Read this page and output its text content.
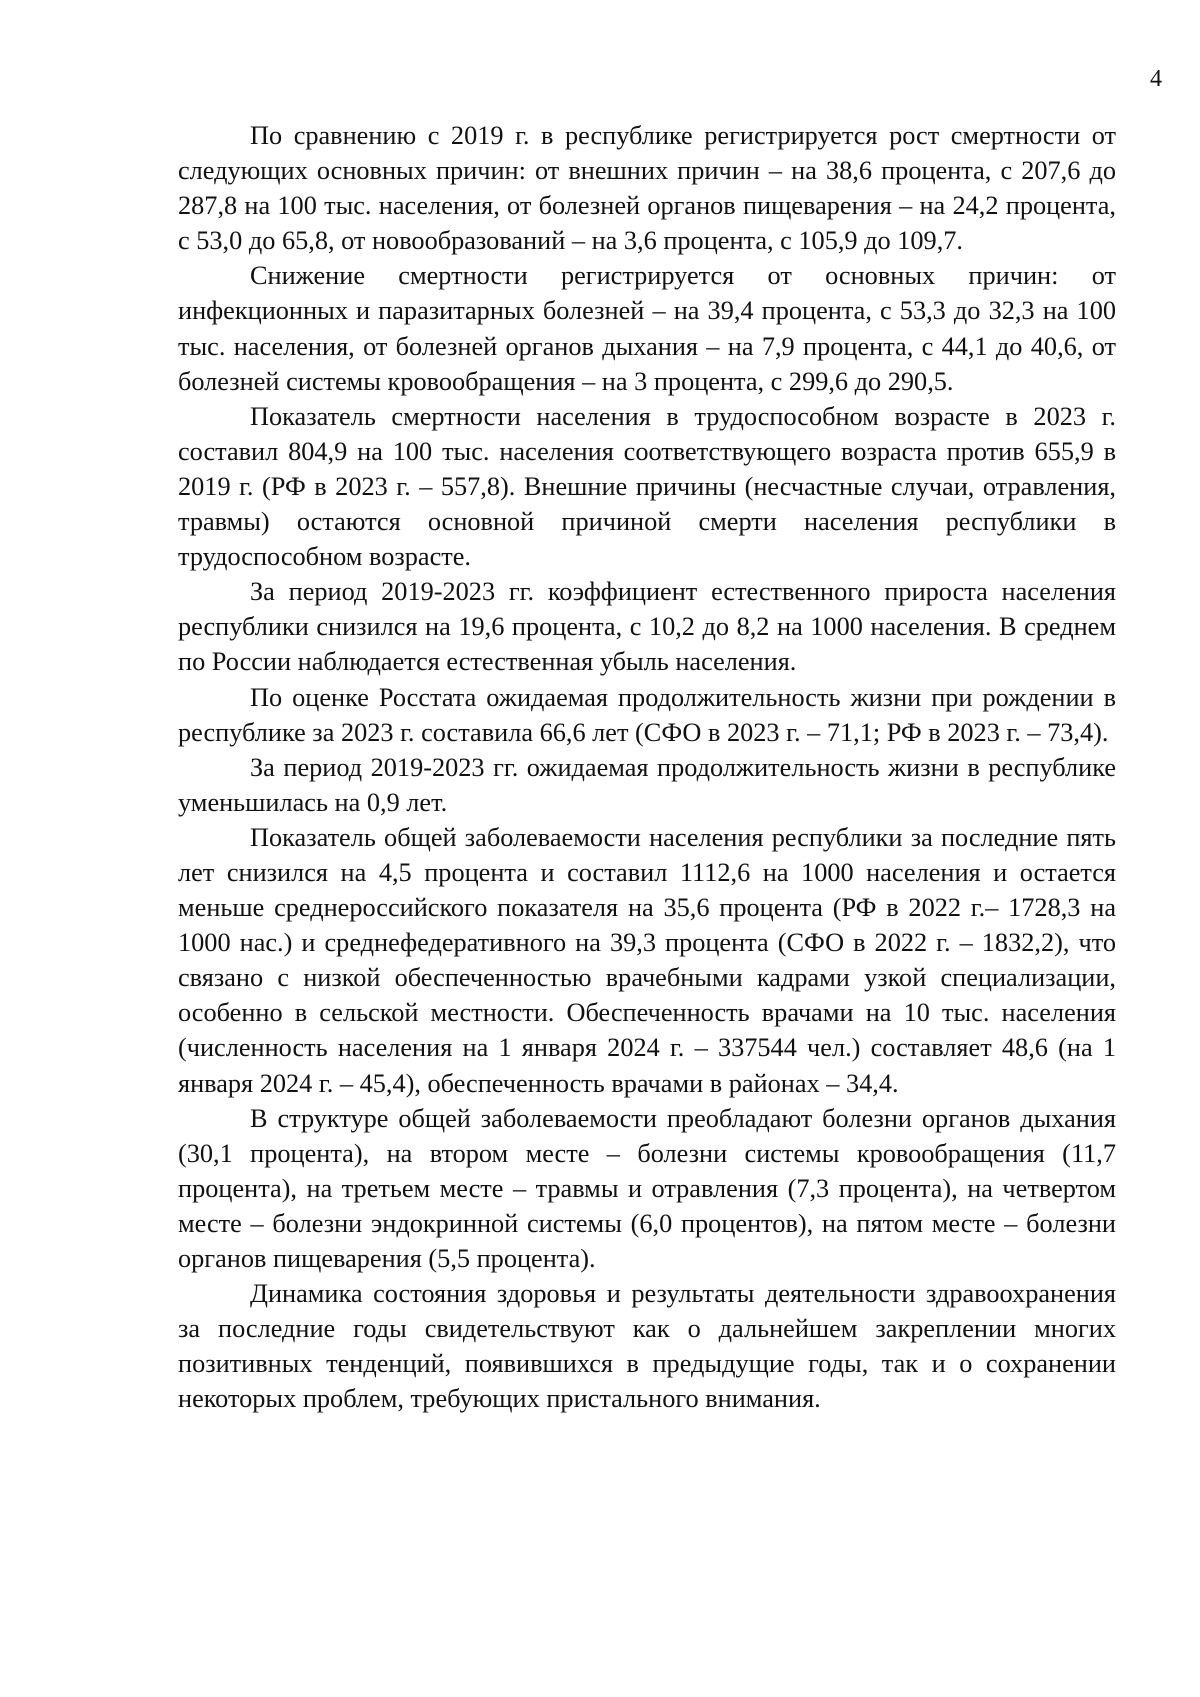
4

По сравнению с 2019 г. в республике регистрируется рост смертности от следующих основных причин: от внешних причин – на 38,6 процента, с 207,6 до 287,8 на 100 тыс. населения, от болезней органов пищеварения – на 24,2 процента, с 53,0 до 65,8, от новообразований – на 3,6 процента, с 105,9 до 109,7.

Снижение смертности регистрируется от основных причин: от инфекционных и паразитарных болезней – на 39,4 процента, с 53,3 до 32,3 на 100 тыс. населения, от болезней органов дыхания – на 7,9 процента, с 44,1 до 40,6, от болезней системы кровообращения – на 3 процента, с 299,6 до 290,5.

Показатель смертности населения в трудоспособном возрасте в 2023 г. составил 804,9 на 100 тыс. населения соответствующего возраста против 655,9 в 2019 г. (РФ в 2023 г. – 557,8). Внешние причины (несчастные случаи, отравления, травмы) остаются основной причиной смерти населения республики в трудоспособном возрасте.

За период 2019-2023 гг. коэффициент естественного прироста населения республики снизился на 19,6 процента, с 10,2 до 8,2 на 1000 населения. В среднем по России наблюдается естественная убыль населения.

По оценке Росстата ожидаемая продолжительность жизни при рождении в республике за 2023 г. составила 66,6 лет (СФО в 2023 г. – 71,1; РФ в 2023 г. – 73,4).

За период 2019-2023 гг. ожидаемая продолжительность жизни в республике уменьшилась на 0,9 лет.

Показатель общей заболеваемости населения республики за последние пять лет снизился на 4,5 процента и составил 1112,6 на 1000 населения и остается меньше среднероссийского показателя на 35,6 процента (РФ в 2022 г.– 1728,3 на 1000 нас.) и среднефедеративного на 39,3 процента (СФО в 2022 г. – 1832,2), что связано с низкой обеспеченностью врачебными кадрами узкой специализации, особенно в сельской местности. Обеспеченность врачами на 10 тыс. населения (численность населения на 1 января 2024 г. – 337544 чел.) составляет 48,6 (на 1 января 2024 г. – 45,4), обеспеченность врачами в районах – 34,4.

В структуре общей заболеваемости преобладают болезни органов дыхания (30,1 процента), на втором месте – болезни системы кровообращения (11,7 процента), на третьем месте – травмы и отравления (7,3 процента), на четвертом месте – болезни эндокринной системы (6,0 процентов), на пятом месте – болезни органов пищеварения (5,5 процента).

Динамика состояния здоровья и результаты деятельности здравоохранения за последние годы свидетельствуют как о дальнейшем закреплении многих позитивных тенденций, появившихся в предыдущие годы, так и о сохранении некоторых проблем, требующих пристального внимания.
